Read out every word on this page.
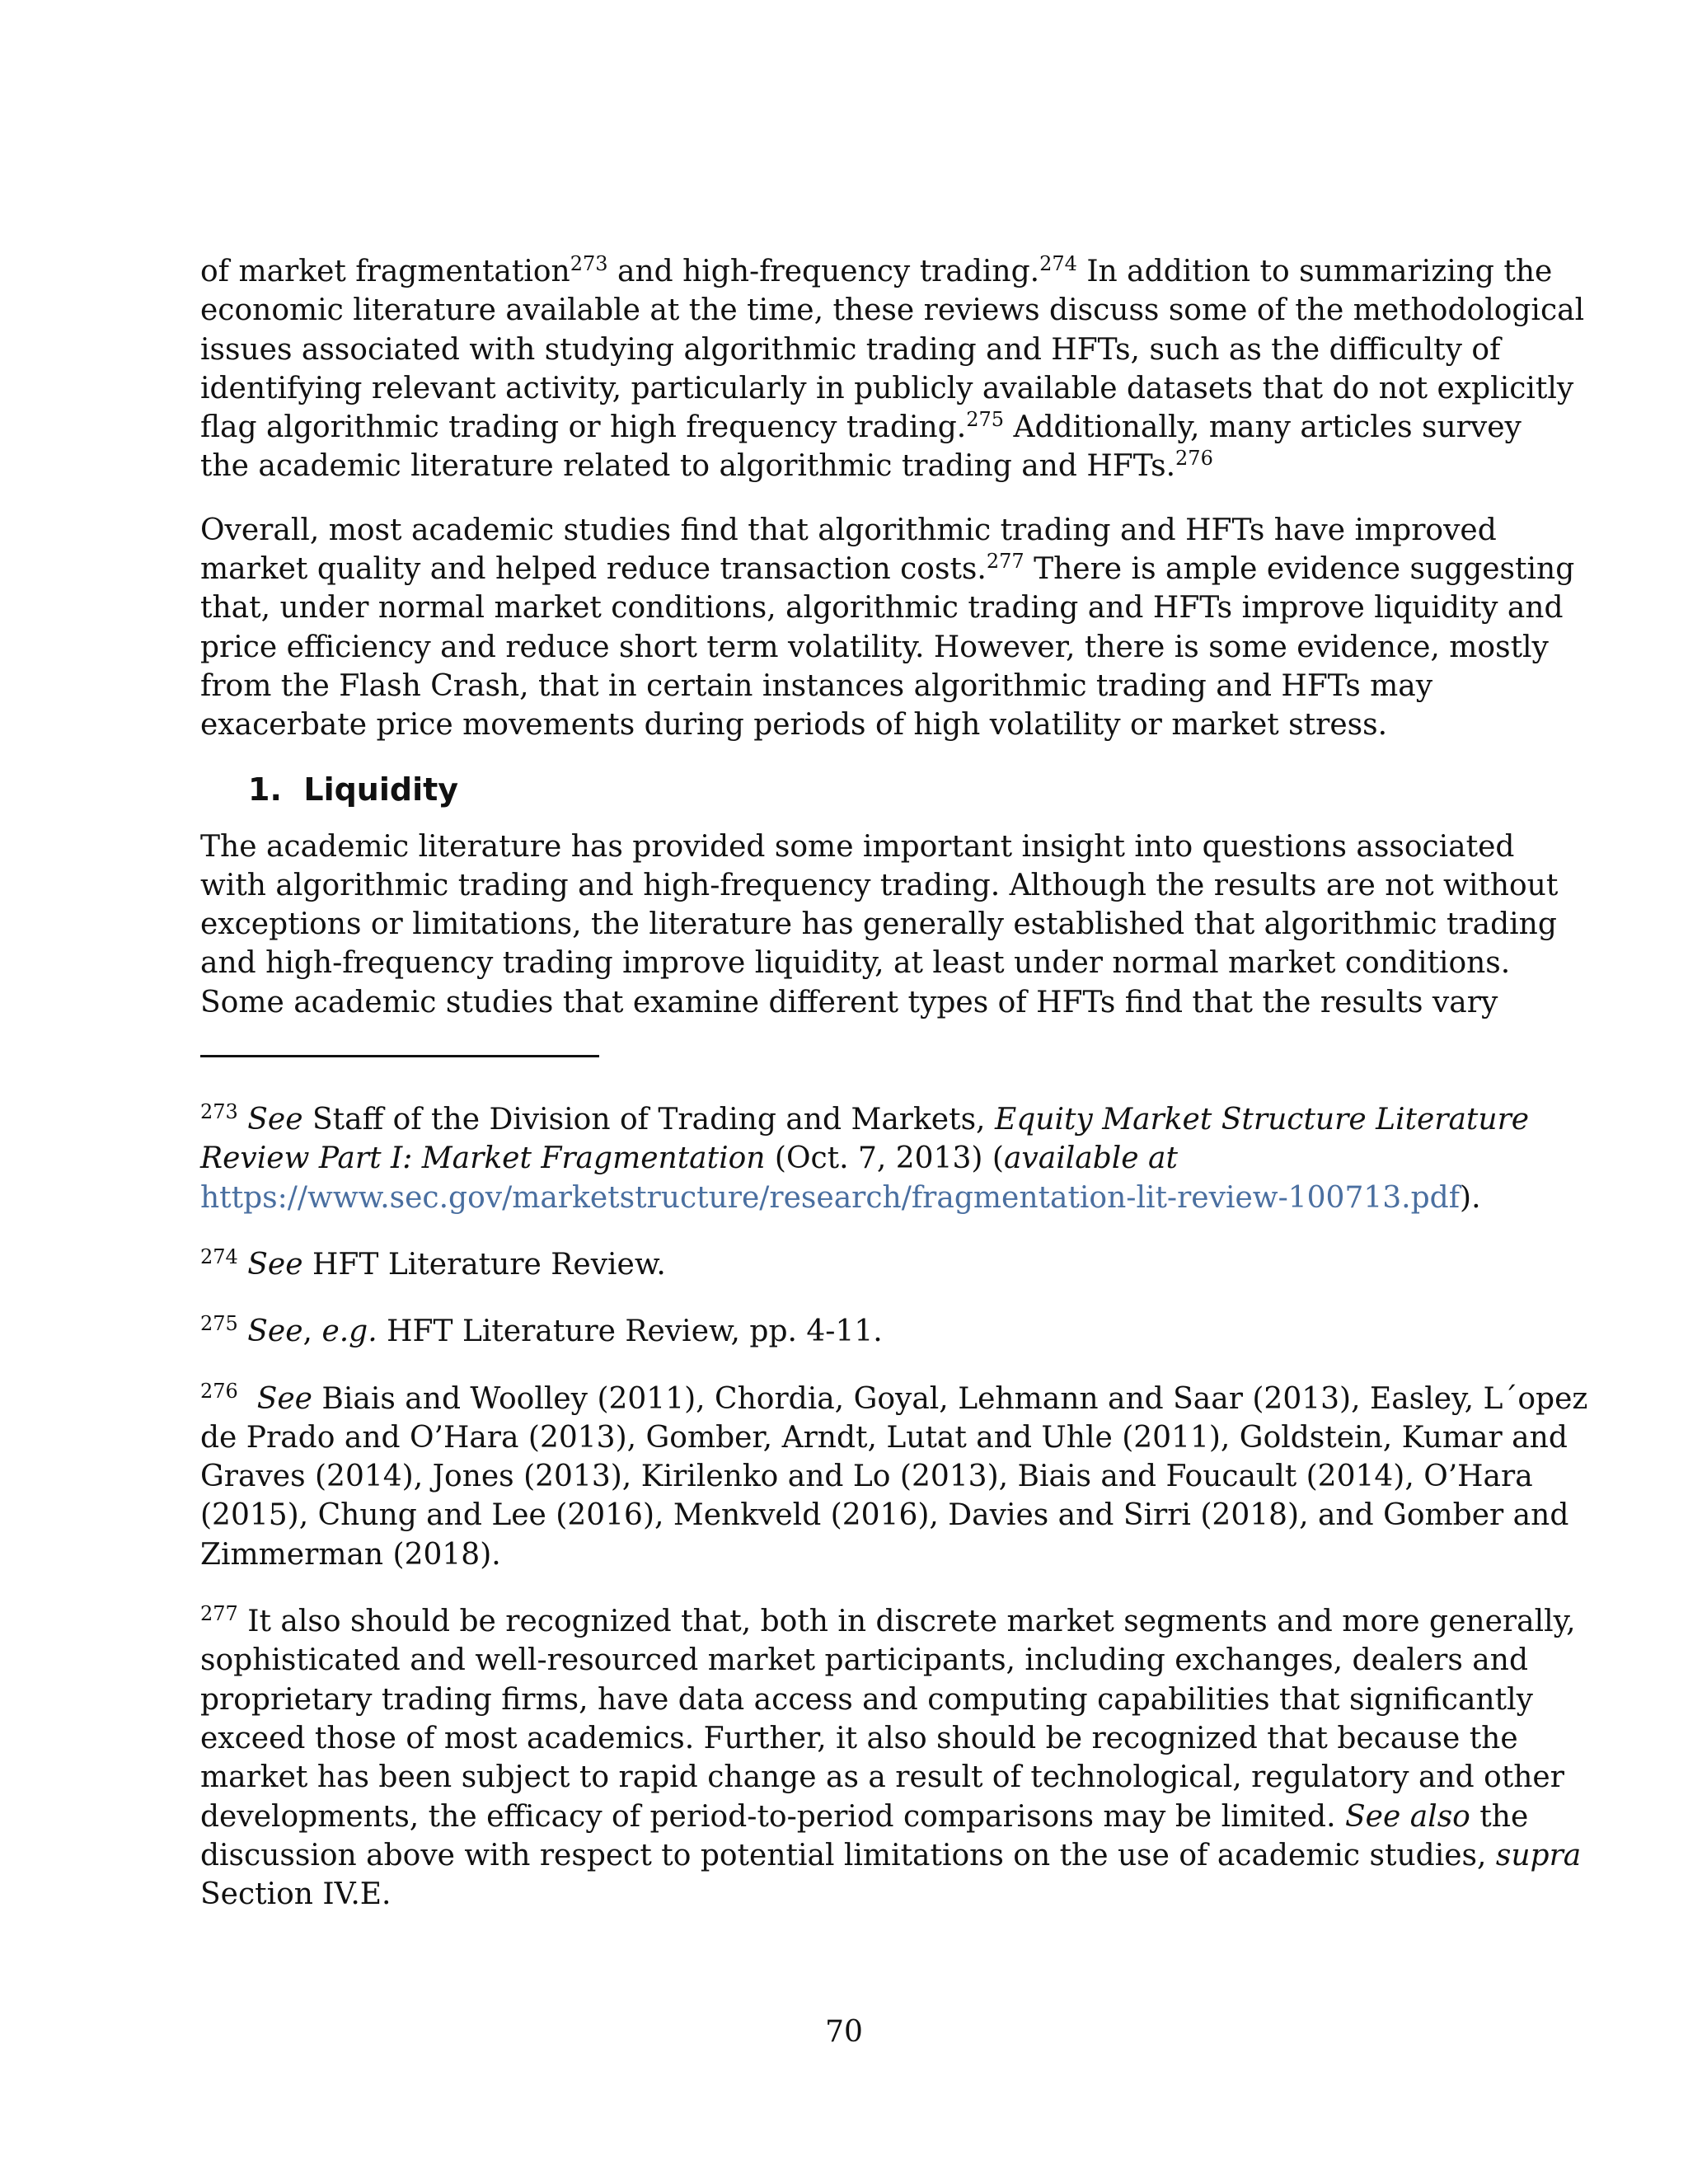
of market fragmentation$^{273}$ and high-frequency trading.$^{274}$ In addition to summarizing the
economic literature available at the time, these reviews discuss some of the methodological
issues associated with studying algorithmic trading and HFTs, such as the difficulty of
identifying relevant activity, particularly in publicly available datasets that do not explicitly
flag algorithmic trading or high frequency trading.$^{275}$ Additionally, many articles survey
the academic literature related to algorithmic trading and HFTs.$^{276}$

Overall, most academic studies find that algorithmic trading and HFTs have improved
market quality and helped reduce transaction costs.$^{277}$ There is ample evidence suggesting
that, under normal market conditions, algorithmic trading and HFTs improve liquidity and
price efficiency and reduce short term volatility. However, there is some evidence, mostly
from the Flash Crash, that in certain instances algorithmic trading and HFTs may
exacerbate price movements during periods of high volatility or market stress.

1. Liquidity

The academic literature has provided some important insight into questions associated
with algorithmic trading and high-frequency trading. Although the results are not without
exceptions or limitations, the literature has generally established that algorithmic trading
and high-frequency trading improve liquidity, at least under normal market conditions.
Some academic studies that examine different types of HFTs find that the results vary

$^{273}$ See Staff of the Division of Trading and Markets, Equity Market Structure Literature
Review Part I: Market Fragmentation (Oct. 7, 2013) (available at
https://www.sec.gov/marketstructure/research/fragmentation-lit-review-100713.pdf).

$^{274}$ See HFT Literature Review.

$^{275}$ See, e.g. HFT Literature Review, pp. 4-11.

$^{276}$ See Biais and Woolley (2011), Chordia, Goyal, Lehmann and Saar (2013), Easley, L´opez
de Prado and O’Hara (2013), Gomber, Arndt, Lutat and Uhle (2011), Goldstein, Kumar and
Graves (2014), Jones (2013), Kirilenko and Lo (2013), Biais and Foucault (2014), O’Hara
(2015), Chung and Lee (2016), Menkveld (2016), Davies and Sirri (2018), and Gomber and
Zimmerman (2018).

$^{277}$ It also should be recognized that, both in discrete market segments and more generally,
sophisticated and well-resourced market participants, including exchanges, dealers and
proprietary trading firms, have data access and computing capabilities that significantly
exceed those of most academics. Further, it also should be recognized that because the
market has been subject to rapid change as a result of technological, regulatory and other
developments, the efficacy of period-to-period comparisons may be limited. See also the
discussion above with respect to potential limitations on the use of academic studies, supra
Section IV.E.

70
